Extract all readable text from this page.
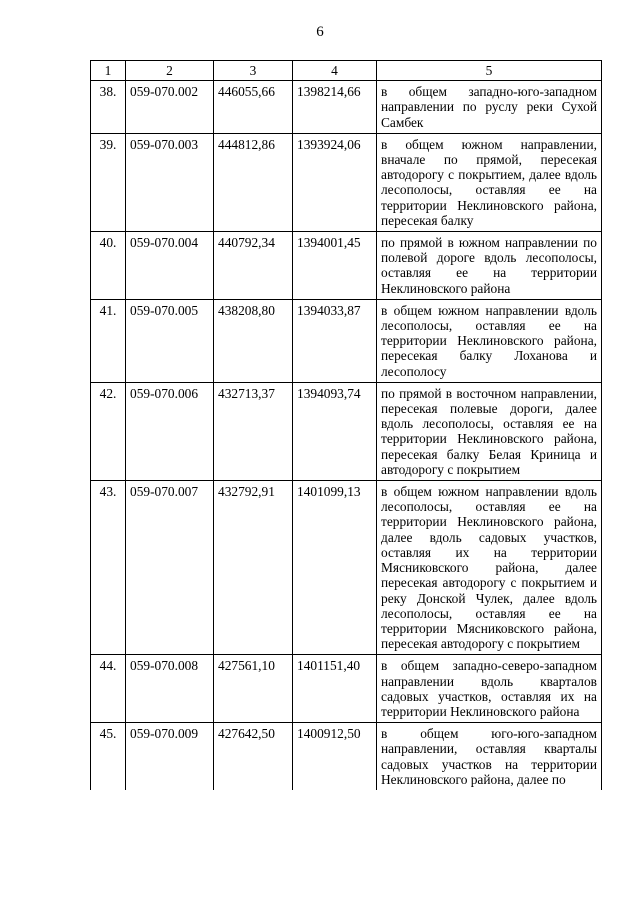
6
1	2	3	4	5
38.	059-070.002	446055,66	1398214,66	в общем западно-юго-западном направлении по руслу реки Сухой Самбек
39.	059-070.003	444812,86	1393924,06	в общем южном направлении, вначале по прямой, пересекая автодорогу с покрытием, далее вдоль лесополосы, оставляя ее на территории Неклиновского района, пересекая балку
40.	059-070.004	440792,34	1394001,45	по прямой в южном направлении по полевой дороге вдоль лесополосы, оставляя ее на территории Неклиновского района
41.	059-070.005	438208,80	1394033,87	в общем южном направлении вдоль лесополосы, оставляя ее на территории Неклиновского района, пересекая балку Лоханова и лесополосу
42.	059-070.006	432713,37	1394093,74	по прямой в восточном направлении, пересекая полевые дороги, далее вдоль лесополосы, оставляя ее на территории Неклиновского района, пересекая балку Белая Криница и автодорогу с покрытием
43.	059-070.007	432792,91	1401099,13	в общем южном направлении вдоль лесополосы, оставляя ее на территории Неклиновского района, далее вдоль садовых участков, оставляя их на территории Мясниковского района, далее пересекая автодорогу с покрытием и реку Донской Чулек, далее вдоль лесополосы, оставляя ее на территории Мясниковского района, пересекая автодорогу с покрытием
44.	059-070.008	427561,10	1401151,40	в общем западно-северо-западном направлении вдоль кварталов садовых участков, оставляя их на территории Неклиновского района
45.	059-070.009	427642,50	1400912,50	в общем юго-юго-западном направлении, оставляя кварталы садовых участков на территории Неклиновского района, далее по
